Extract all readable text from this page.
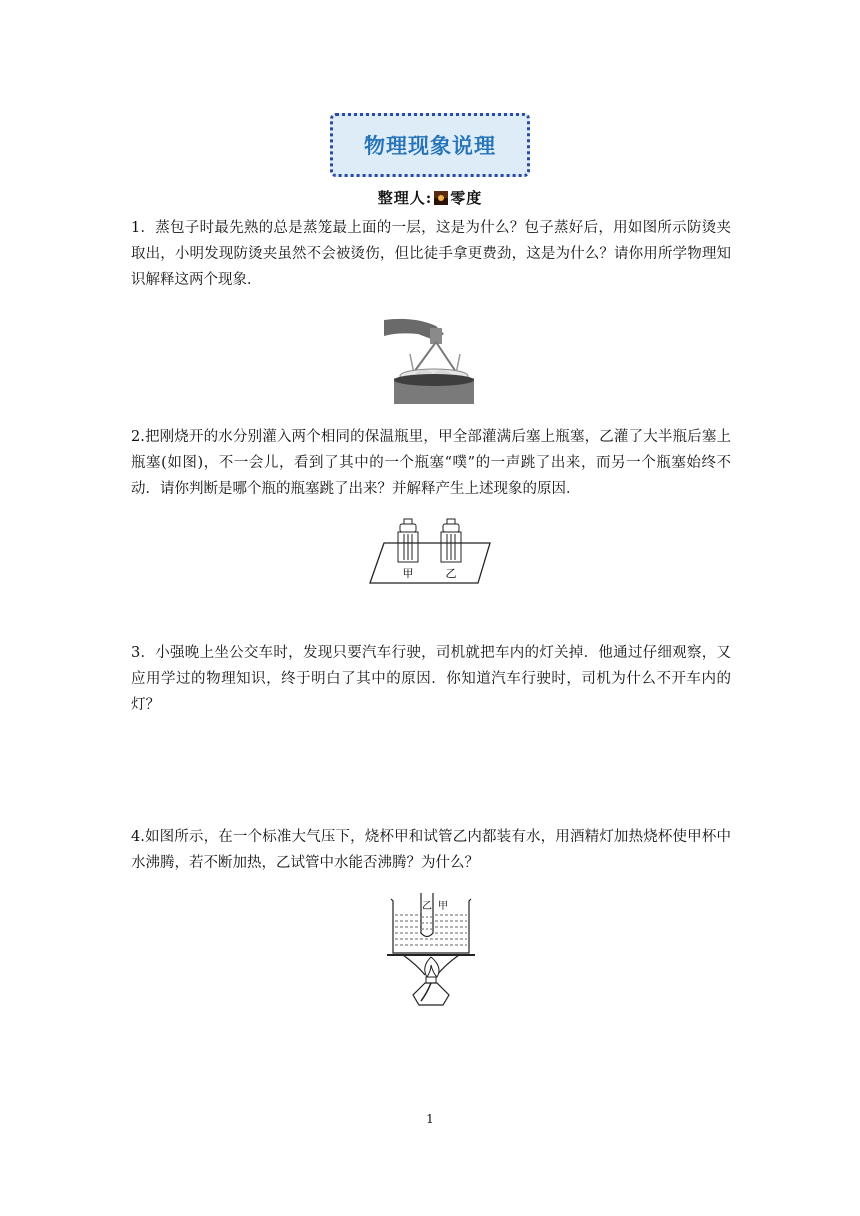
物理现象说理
整理人: 零度
1．蒸包子时最先熟的总是蒸笼最上面的一层，这是为什么？包子蒸好后，用如图所示防烫夹取出，小明发现防烫夹虽然不会被烫伤，但比徒手拿更费劲，这是为什么？请你用所学物理知识解释这两个现象．
2.把刚烧开的水分别灌入两个相同的保温瓶里，甲全部灌满后塞上瓶塞，乙灌了大半瓶后塞上瓶塞(如图)，不一会儿，看到了其中的一个瓶塞“噗”的一声跳了出来，而另一个瓶塞始终不动．请你判断是哪个瓶的瓶塞跳了出来？并解释产生上述现象的原因．
甲	乙
3．小强晚上坐公交车时，发现只要汽车行驶，司机就把车内的灯关掉．他通过仔细观察，又应用学过的物理知识，终于明白了其中的原因．你知道汽车行驶时，司机为什么不开车内的灯？
4.如图所示，在一个标准大气压下，烧杯甲和试管乙内都装有水，用酒精灯加热烧杯使甲杯中水沸腾，若不断加热，乙试管中水能否沸腾？为什么？
乙 甲
1
